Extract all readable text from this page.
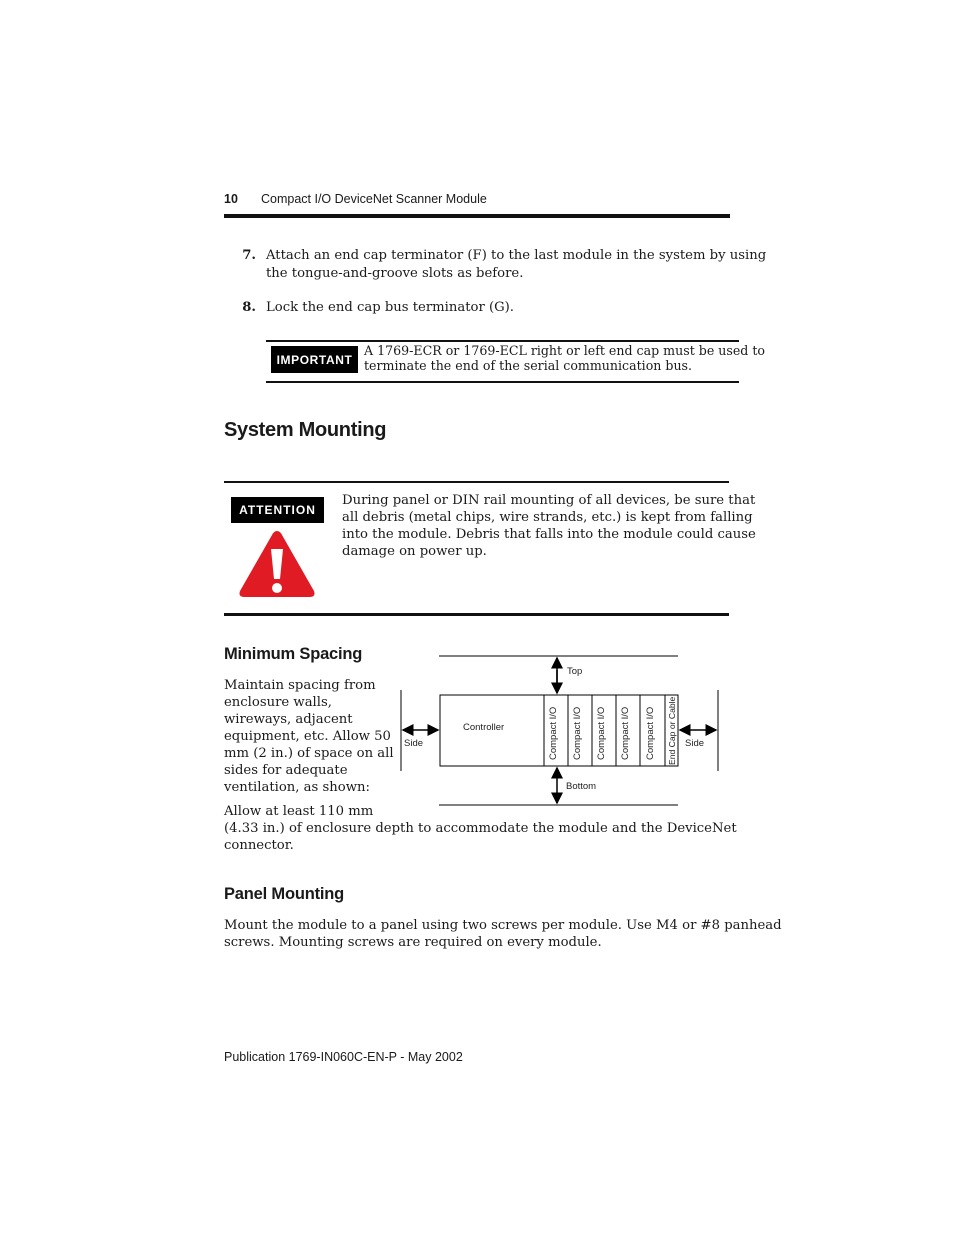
10 Compact I/O DeviceNet Scanner Module
7. Attach an end cap terminator (F) to the last module in the system by using
the tongue-and-groove slots as before.
8. Lock the end cap bus terminator (G).
IMPORTANT
A 1769-ECR or 1769-ECL right or left end cap must be used to
terminate the end of the serial communication bus.
System Mounting
ATTENTION
During panel or DIN rail mounting of all devices, be sure that
all debris (metal chips, wire strands, etc.) is kept from falling
into the module. Debris that falls into the module could cause
damage on power up.
Minimum Spacing
Maintain spacing from
enclosure walls,
wireways, adjacent
equipment, etc. Allow 50
mm (2 in.) of space on all
sides for adequate
ventilation, as shown:
Allow at least 110 mm
(4.33 in.) of enclosure depth to accommodate the module and the DeviceNet
connector.
Top
Bottom
Side	Side
Controller	Compact I/O Compact I/O Compact I/O Compact I/O Compact I/O End Cap or Cable
Panel Mounting
Mount the module to a panel using two screws per module. Use M4 or #8 panhead
screws. Mounting screws are required on every module.
Publication 1769-IN060C-EN-P - May 2002
